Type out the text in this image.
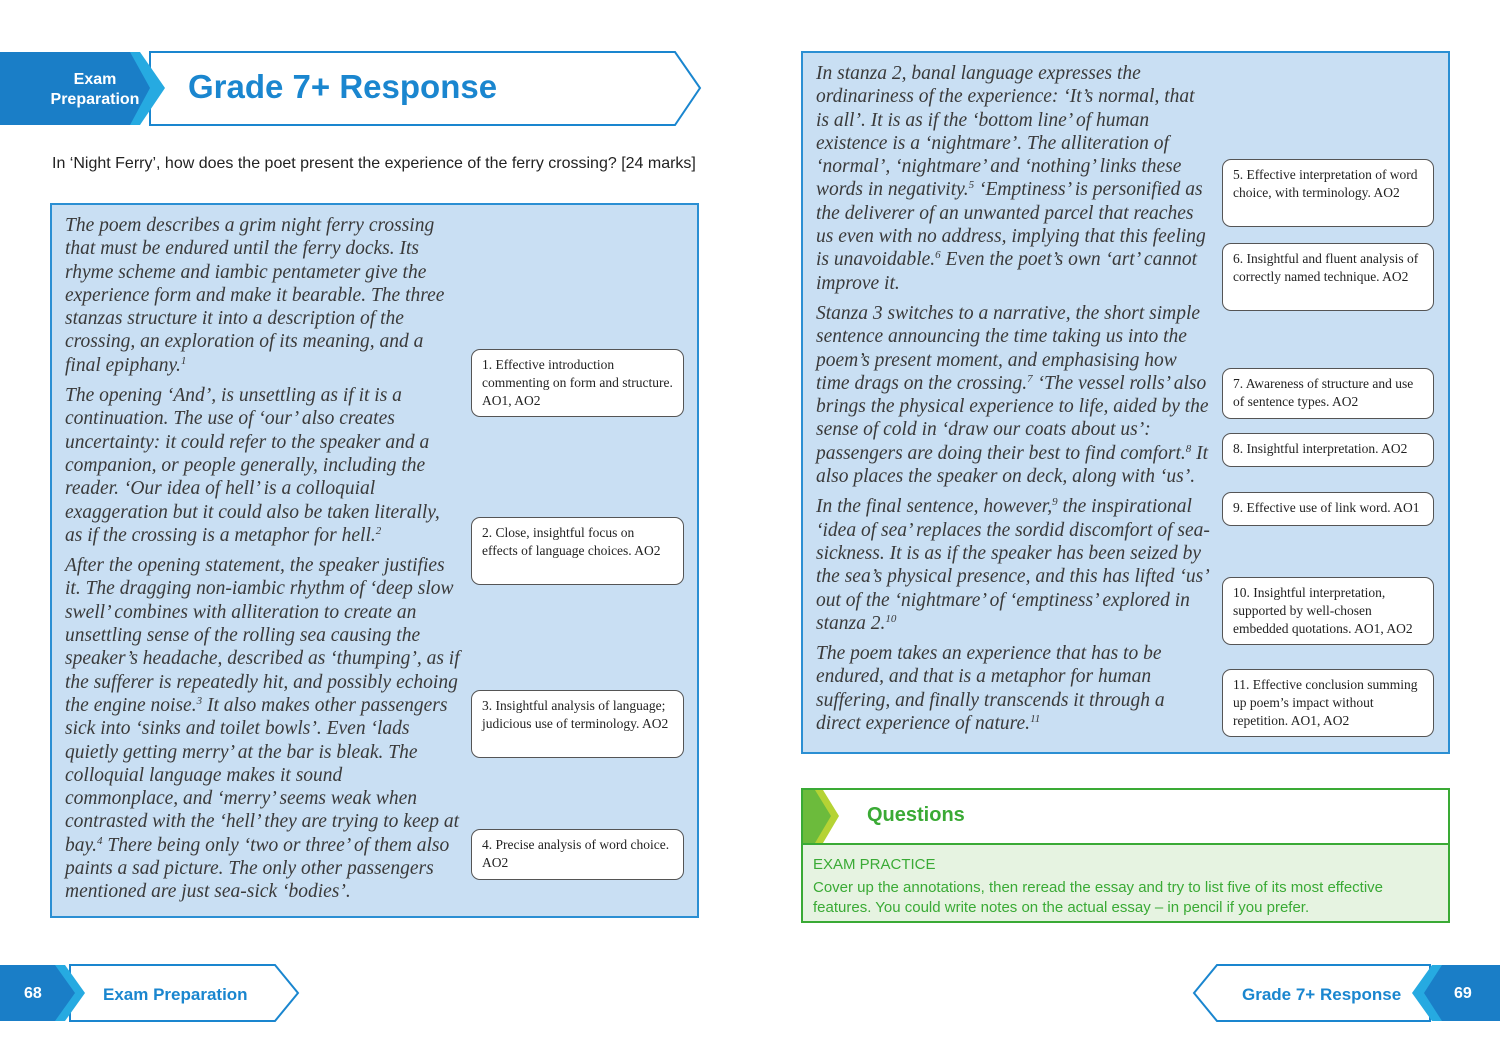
Exam
Preparation	Grade 7+ Response
In ‘Night Ferry’, how does the poet present the experience of the ferry crossing? [24 marks]

The poem describes a grim night ferry crossing that must be endured until the ferry docks. Its rhyme scheme and iambic pentameter give the experience form and make it bearable. The three stanzas structure it into a description of the crossing, an exploration of its meaning, and a final epiphany.$^1$

The opening ‘And’, is unsettling as if it is a continuation. The use of ‘our’ also creates uncertainty: it could refer to the speaker and a companion, or people generally, including the reader. ‘Our idea of hell’ is a colloquial exaggeration but it could also be taken literally, as if the crossing is a metaphor for hell.$^2$

After the opening statement, the speaker justifies it. The dragging non-iambic rhythm of ‘deep slow swell’ combines with alliteration to create an unsettling sense of the rolling sea causing the speaker’s headache, described as ‘thumping’, as if the sufferer is repeatedly hit, and possibly echoing the engine noise.$^3$ It also makes other passengers sick into ‘sinks and toilet bowls’. Even ‘lads quietly getting merry’ at the bar is bleak. The colloquial language makes it sound commonplace, and ‘merry’ seems weak when contrasted with the ‘hell’ they are trying to keep at bay.$^4$ There being only ‘two or three’ of them also paints a sad picture. The only other passengers mentioned are just sea-sick ‘bodies’.

In stanza 2, banal language expresses the ordinariness of the experience: ‘It’s normal, that is all’. It is as if the ‘bottom line’ of human existence is a ‘nightmare’. The alliteration of ‘normal’, ‘nightmare’ and ‘nothing’ links these words in negativity.$^5$ ‘Emptiness’ is personified as the deliverer of an unwanted parcel that reaches us even with no address, implying that this feeling is unavoidable.$^6$ Even the poet’s own ‘art’ cannot improve it.

Stanza 3 switches to a narrative, the short simple sentence announcing the time taking us into the poem’s present moment, and emphasising how time drags on the crossing.$^7$ ‘The vessel rolls’ also brings the physical experience to life, aided by the sense of cold in ‘draw our coats about us’: passengers are doing their best to find comfort.$^8$ It also places the speaker on deck, along with ‘us’.

In the final sentence, however,$^9$ the inspirational ‘idea of sea’ replaces the sordid discomfort of sea-sickness. It is as if the speaker has been seized by the sea’s physical presence, and this has lifted ‘us’ out of the ‘nightmare’ of ‘emptiness’ explored in stanza 2.10

The poem takes an experience that has to be endured, and that is a metaphor for human suffering, and finally transcends it through a direct experience of nature.$^{11}$

1. Effective introduction commenting on form and structure. AO1, AO2
2. Close, insightful focus on effects of language choices. AO2
3. Insightful analysis of language; judicious use of terminology. AO2
4. Precise analysis of word choice. AO2
5. Effective interpretation of word choice, with terminology. AO2
6. Insightful and fluent analysis of correctly named technique. AO2
7. Awareness of structure and use of sentence types. AO2
8. Insightful interpretation. AO2
9. Effective use of link word. AO1
10. Insightful interpretation, supported by well-chosen embedded quotations. AO1, AO2
11. Effective conclusion summing up poem’s impact without repetition. AO1, AO2
Questions
EXAM PRACTICE
Cover up the annotations, then reread the essay and try to list five of its most effective features. You could write notes on the actual essay – in pencil if you prefer.
68	Exam Preparation	Grade 7+ Response	69
